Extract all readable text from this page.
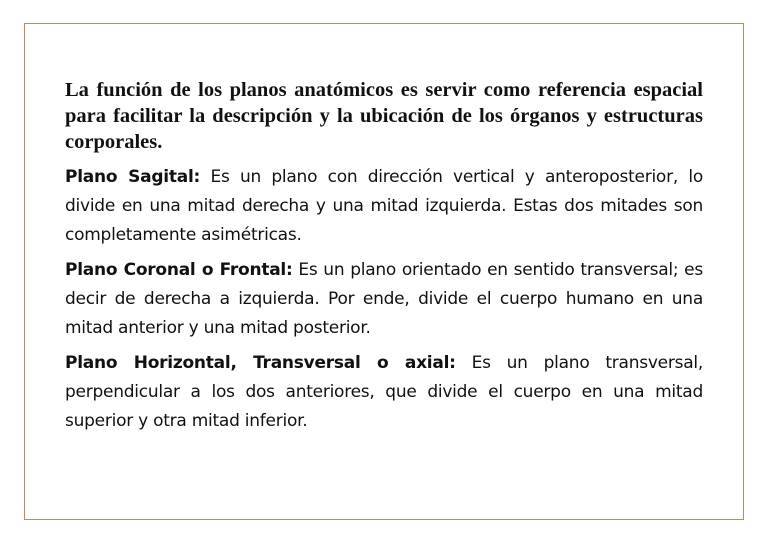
La función de los planos anatómicos es servir como referencia espacial para facilitar la descripción y la ubicación de los órganos y estructuras corporales.

Plano Sagital: Es un plano con dirección vertical y anteroposterior, lo divide en una mitad derecha y una mitad izquierda. Estas dos mitades son completamente asimétricas.

Plano Coronal o Frontal: Es un plano orientado en sentido transversal; es decir de derecha a izquierda. Por ende, divide el cuerpo humano en una mitad anterior y una mitad posterior.

Plano Horizontal, Transversal o axial: Es un plano transversal, perpendicular a los dos anteriores, que divide el cuerpo en una mitad superior y otra mitad inferior.
